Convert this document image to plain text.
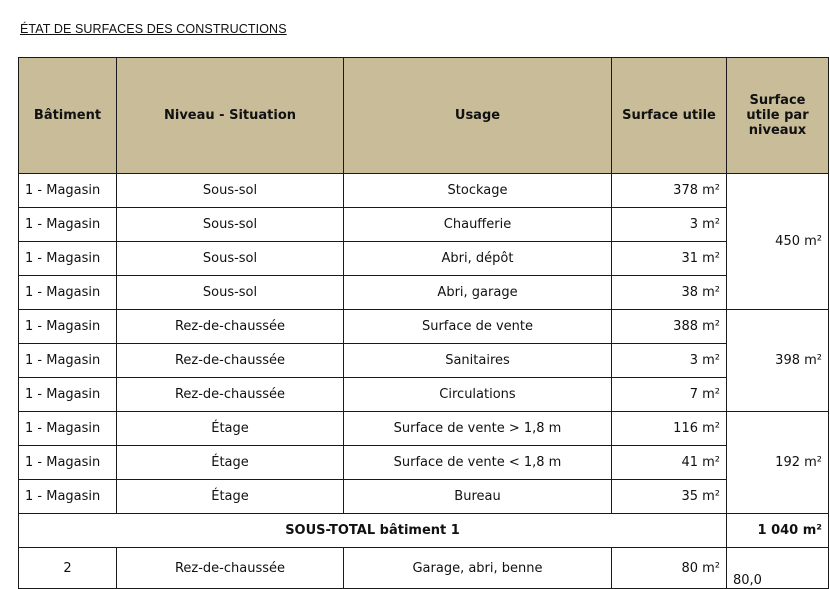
ÉTAT DE SURFACES DES CONSTRUCTIONS
Bâtiment	Niveau - Situation	Usage	Surface utile	Surface utile par niveaux
1 - Magasin	Sous-sol	Stockage	378 m²	450 m²
1 - Magasin	Sous-sol	Chaufferie	3 m²	
1 - Magasin	Sous-sol	Abri, dépôt	31 m²	
1 - Magasin	Sous-sol	Abri, garage	38 m²	
1 - Magasin	Rez-de-chaussée	Surface de vente	388 m²	398 m²
1 - Magasin	Rez-de-chaussée	Sanitaires	3 m²	
1 - Magasin	Rez-de-chaussée	Circulations	7 m²	
1 - Magasin	Étage	Surface de vente > 1,8 m	116 m²	192 m²
1 - Magasin	Étage	Surface de vente < 1,8 m	41 m²	
1 - Magasin	Étage	Bureau	35 m²	
SOUS-TOTAL bâtiment 1				1 040 m²
2	Rez-de-chaussée	Garage, abri, benne	80 m²	80,0
